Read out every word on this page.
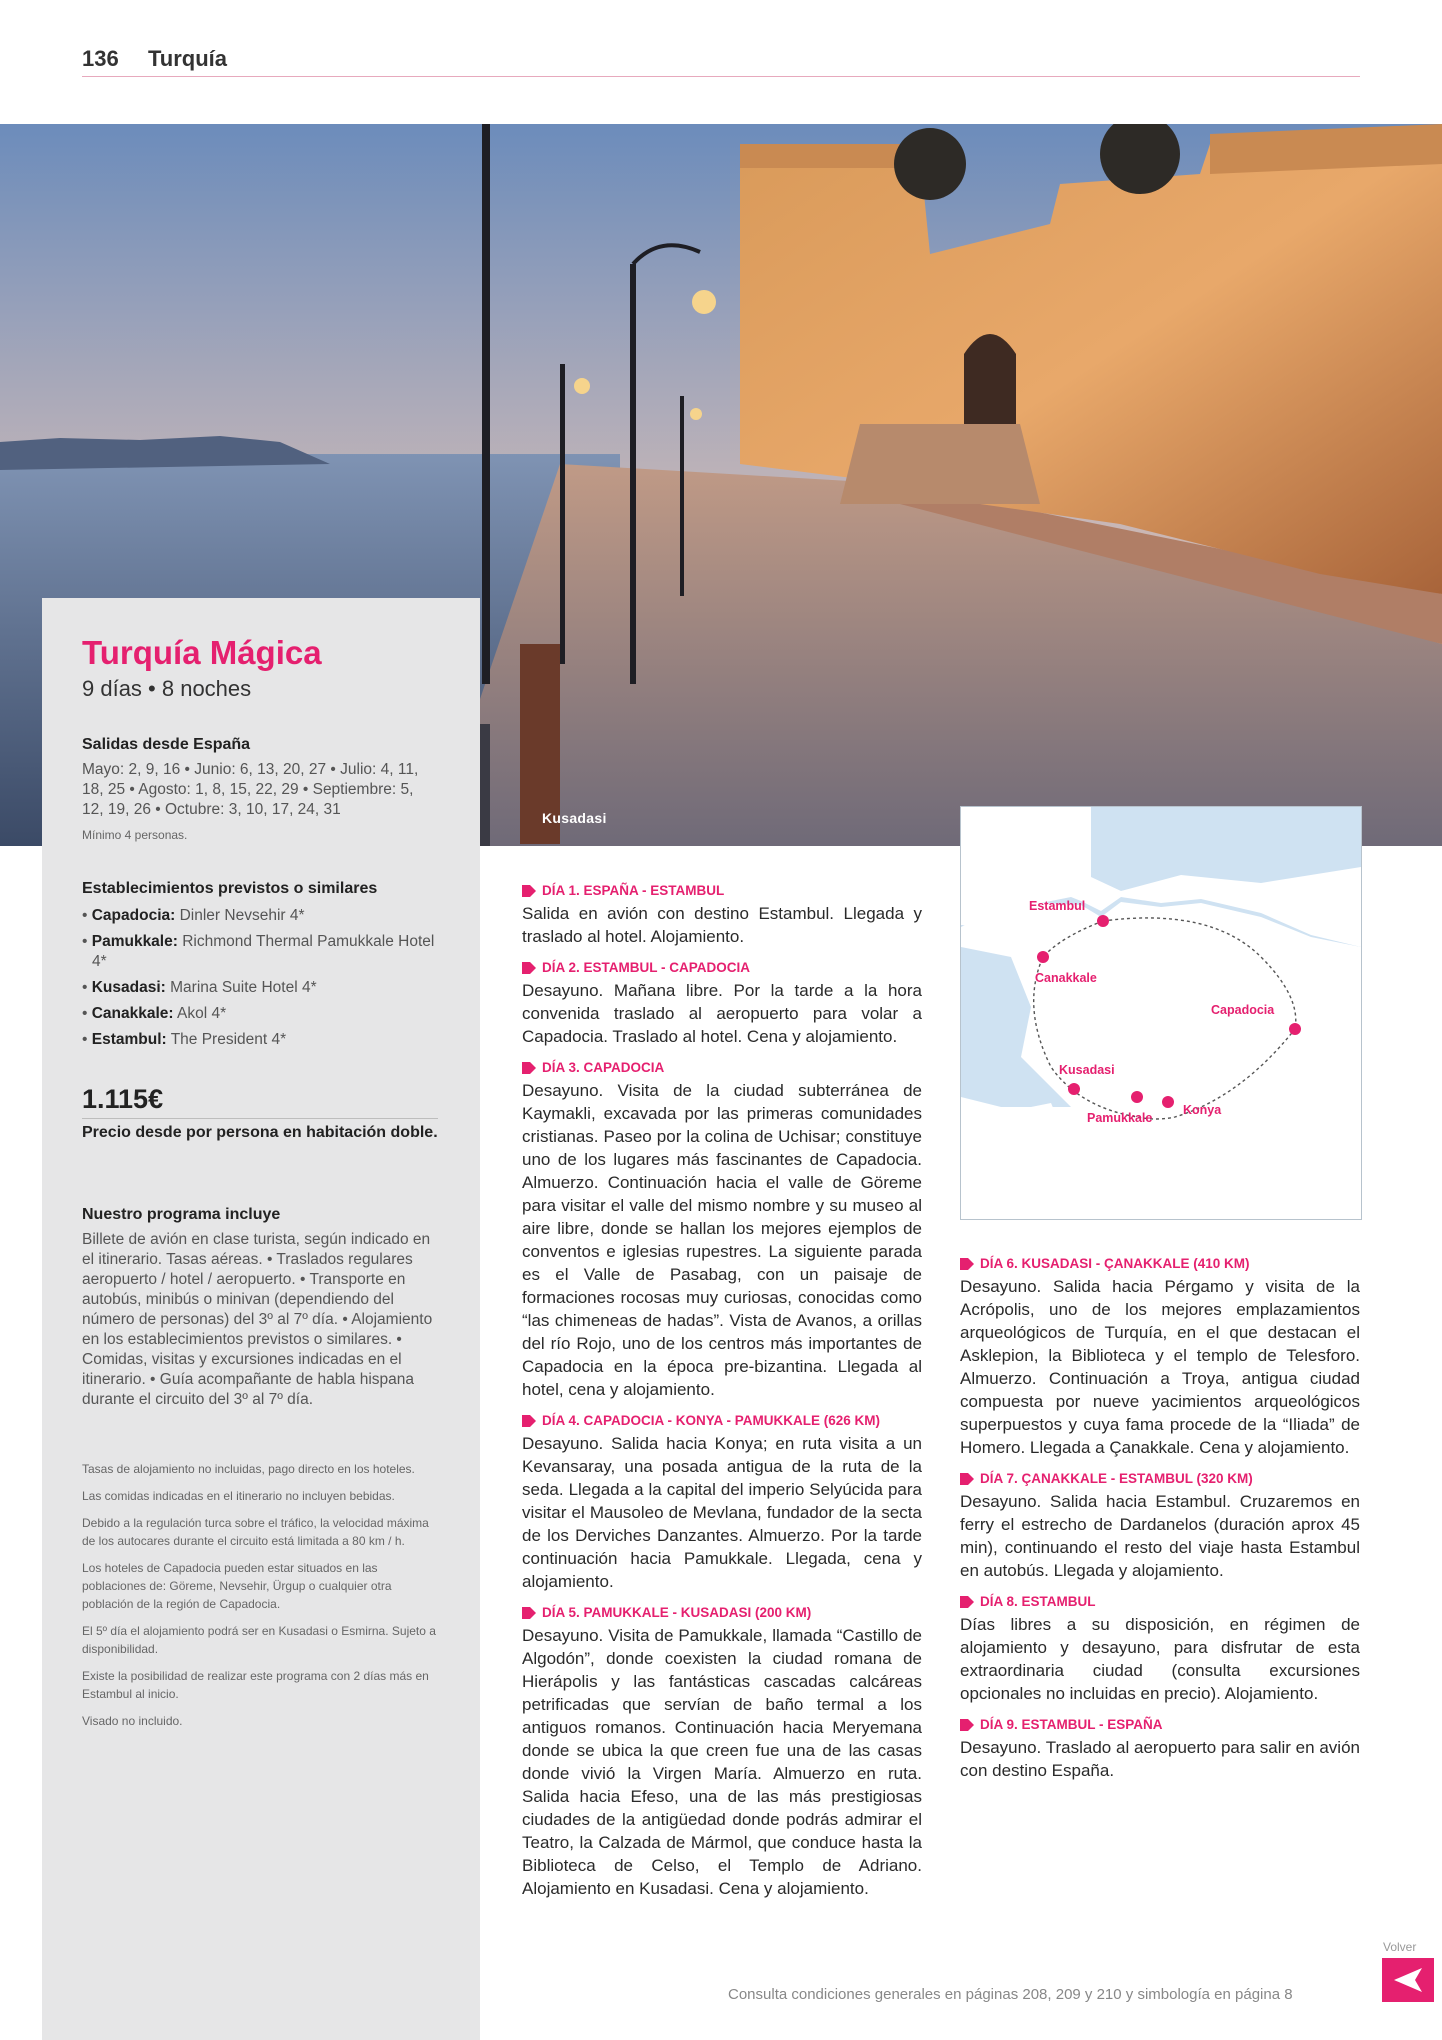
136 Turquía
Kusadasi
Turquía Mágica
9 días • 8 noches
Salidas desde España
Mayo: 2, 9, 16 • Junio: 6, 13, 20, 27 • Julio: 4, 11, 18, 25 • Agosto: 1, 8, 15, 22, 29 • Septiembre: 5, 12, 19, 26 • Octubre: 3, 10, 17, 24, 31
Mínimo 4 personas.
Establecimientos previstos o similares
• Capadocia: Dinler Nevsehir 4*
• Pamukkale: Richmond Thermal Pamukkale Hotel 4*
• Kusadasi: Marina Suite Hotel 4*
• Canakkale: Akol 4*
• Estambul: The President 4*
1.115€
Precio desde por persona en habitación doble.
Nuestro programa incluye
Billete de avión en clase turista, según indicado en el itinerario. Tasas aéreas. • Traslados regulares aeropuerto / hotel / aeropuerto. • Transporte en autobús, minibús o minivan (dependiendo del número de personas) del 3º al 7º día. • Alojamiento en los establecimientos previstos o similares. • Comidas, visitas y excursiones indicadas en el itinerario. • Guía acompañante de habla hispana durante el circuito del 3º al 7º día.

Tasas de alojamiento no incluidas, pago directo en los hoteles.

Las comidas indicadas en el itinerario no incluyen bebidas.

Debido a la regulación turca sobre el tráfico, la velocidad máxima de los autocares durante el circuito está limitada a 80 km / h.

Los hoteles de Capadocia pueden estar situados en las poblaciones de: Göreme, Nevsehir, Ürgup o cualquier otra población de la región de Capadocia.

El 5º día el alojamiento podrá ser en Kusadasi o Esmirna. Sujeto a disponibilidad.

Existe la posibilidad de realizar este programa con 2 días más en Estambul al inicio.

Visado no incluido.

Estambul
Canakkale
Capadocia
Kusadasi
Pamukkale
Konya
DÍA 1. ESPAÑA - ESTAMBUL
Salida en avión con destino Estambul. Llegada y traslado al hotel. Alojamiento.
DÍA 2. ESTAMBUL - CAPADOCIA
Desayuno. Mañana libre. Por la tarde a la hora convenida traslado al aeropuerto para volar a Capadocia. Traslado al hotel. Cena y alojamiento.
DÍA 3. CAPADOCIA
Desayuno. Visita de la ciudad subterránea de Kaymakli, excavada por las primeras comunidades cristianas. Paseo por la colina de Uchisar; constituye uno de los lugares más fascinantes de Capadocia. Almuerzo. Continuación hacia el valle de Göreme para visitar el valle del mismo nombre y su museo al aire libre, donde se hallan los mejores ejemplos de conventos e iglesias rupestres. La siguiente parada es el Valle de Pasabag, con un paisaje de formaciones rocosas muy curiosas, conocidas como “las chimeneas de hadas”. Vista de Avanos, a orillas del río Rojo, uno de los centros más importantes de Capadocia en la época pre-bizantina. Llegada al hotel, cena y alojamiento.
DÍA 4. CAPADOCIA - KONYA - PAMUKKALE (626 KM)
Desayuno. Salida hacia Konya; en ruta visita a un Kevansaray, una posada antigua de la ruta de la seda. Llegada a la capital del imperio Selyúcida para visitar el Mausoleo de Mevlana, fundador de la secta de los Derviches Danzantes. Almuerzo. Por la tarde continuación hacia Pamukkale. Llegada, cena y alojamiento.
DÍA 5. PAMUKKALE - KUSADASI (200 KM)
Desayuno. Visita de Pamukkale, llamada “Castillo de Algodón”, donde coexisten la ciudad romana de Hierápolis y las fantásticas cascadas calcáreas petrificadas que servían de baño termal a los antiguos romanos. Continuación hacia Meryemana donde se ubica la que creen fue una de las casas donde vivió la Virgen María. Almuerzo en ruta. Salida hacia Efeso, una de las más prestigiosas ciudades de la antigüedad donde podrás admirar el Teatro, la Calzada de Mármol, que conduce hasta la Biblioteca de Celso, el Templo de Adriano. Alojamiento en Kusadasi. Cena y alojamiento.
DÍA 6. KUSADASI - ÇANAKKALE (410 KM)
Desayuno. Salida hacia Pérgamo y visita de la Acrópolis, uno de los mejores emplazamientos arqueológicos de Turquía, en el que destacan el Asklepion, la Biblioteca y el templo de Telesforo. Almuerzo. Continuación a Troya, antigua ciudad compuesta por nueve yacimientos arqueológicos superpuestos y cuya fama procede de la “Iliada” de Homero. Llegada a Çanakkale. Cena y alojamiento.
DÍA 7. ÇANAKKALE - ESTAMBUL (320 KM)
Desayuno. Salida hacia Estambul. Cruzaremos en ferry el estrecho de Dardanelos (duración aprox 45 min), continuando el resto del viaje hasta Estambul en autobús. Llegada y alojamiento.
DÍA 8. ESTAMBUL
Días libres a su disposición, en régimen de alojamiento y desayuno, para disfrutar de esta extraordinaria ciudad (consulta excursiones opcionales no incluidas en precio). Alojamiento.
DÍA 9. ESTAMBUL - ESPAÑA
Desayuno. Traslado al aeropuerto para salir en avión con destino España.
Consulta condiciones generales en páginas 208, 209 y 210 y simbología en página 8
Volver
